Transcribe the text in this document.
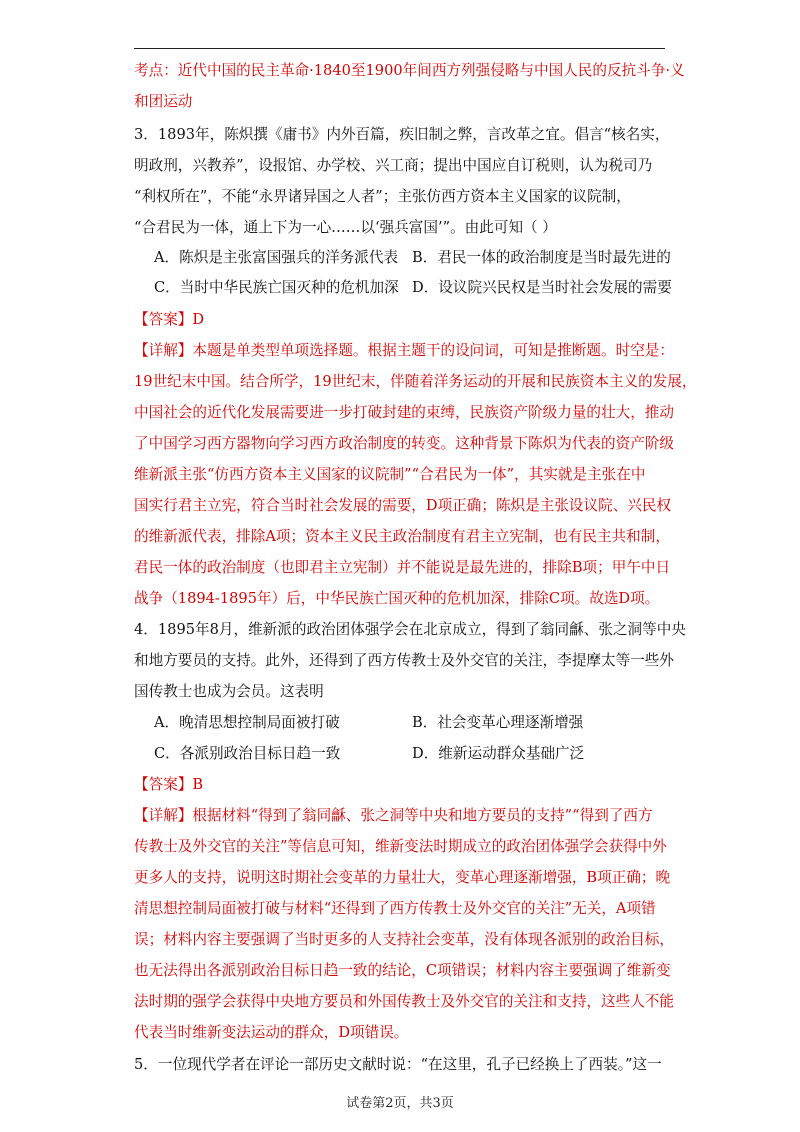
考点：近代中国的民主革命·1840至1900年间西方列强侵略与中国人民的反抗斗争·义
和团运动
3．1893年，陈炽撰《庸书》内外百篇，疾旧制之弊，言改革之宜。倡言“核名实，
明政刑，兴教养”，设报馆、办学校、兴工商；提出中国应自订税则，认为税司乃
“利权所在”，不能“永畀诸异国之人者”；主张仿西方资本主义国家的议院制，
“合君民为一体，通上下为一心……以‘强兵富国’”。由此可知（ ）
A．陈炽是主张富国强兵的洋务派代表 B．君民一体的政治制度是当时最先进的
C．当时中华民族亡国灭种的危机加深 D．设议院兴民权是当时社会发展的需要
【答案】D
【详解】本题是单类型单项选择题。根据主题干的设问词，可知是推断题。时空是：
19世纪末中国。结合所学，19世纪末，伴随着洋务运动的开展和民族资本主义的发展，
中国社会的近代化发展需要进一步打破封建的束缚，民族资产阶级力量的壮大，推动
了中国学习西方器物向学习西方政治制度的转变。这种背景下陈炽为代表的资产阶级
维新派主张“仿西方资本主义国家的议院制”“合君民为一体”，其实就是主张在中
国实行君主立宪，符合当时社会发展的需要，D项正确；陈炽是主张设议院、兴民权
的维新派代表，排除A项；资本主义民主政治制度有君主立宪制，也有民主共和制，
君民一体的政治制度（也即君主立宪制）并不能说是最先进的，排除B项；甲午中日
战争（1894-1895年）后，中华民族亡国灭种的危机加深，排除C项。故选D项。
4．1895年8月，维新派的政治团体强学会在北京成立，得到了翁同龢、张之洞等中央
和地方要员的支持。此外，还得到了西方传教士及外交官的关注，李提摩太等一些外
国传教士也成为会员。这表明
A．晚清思想控制局面被打破	B．社会变革心理逐渐增强
C．各派别政治目标日趋一致	D．维新运动群众基础广泛
【答案】B
【详解】根据材料“得到了翁同龢、张之洞等中央和地方要员的支持”“得到了西方
传教士及外交官的关注”等信息可知，维新变法时期成立的政治团体强学会获得中外
更多人的支持，说明这时期社会变革的力量壮大，变革心理逐渐增强，B项正确；晚
清思想控制局面被打破与材料“还得到了西方传教士及外交官的关注”无关，A项错
误；材料内容主要强调了当时更多的人支持社会变革，没有体现各派别的政治目标，
也无法得出各派别政治目标日趋一致的结论，C项错误；材料内容主要强调了维新变
法时期的强学会获得中央地方要员和外国传教士及外交官的关注和支持，这些人不能
代表当时维新变法运动的群众，D项错误。
5．一位现代学者在评论一部历史文献时说：“在这里，孔子已经换上了西装。”这一
试卷第2页，共3页
